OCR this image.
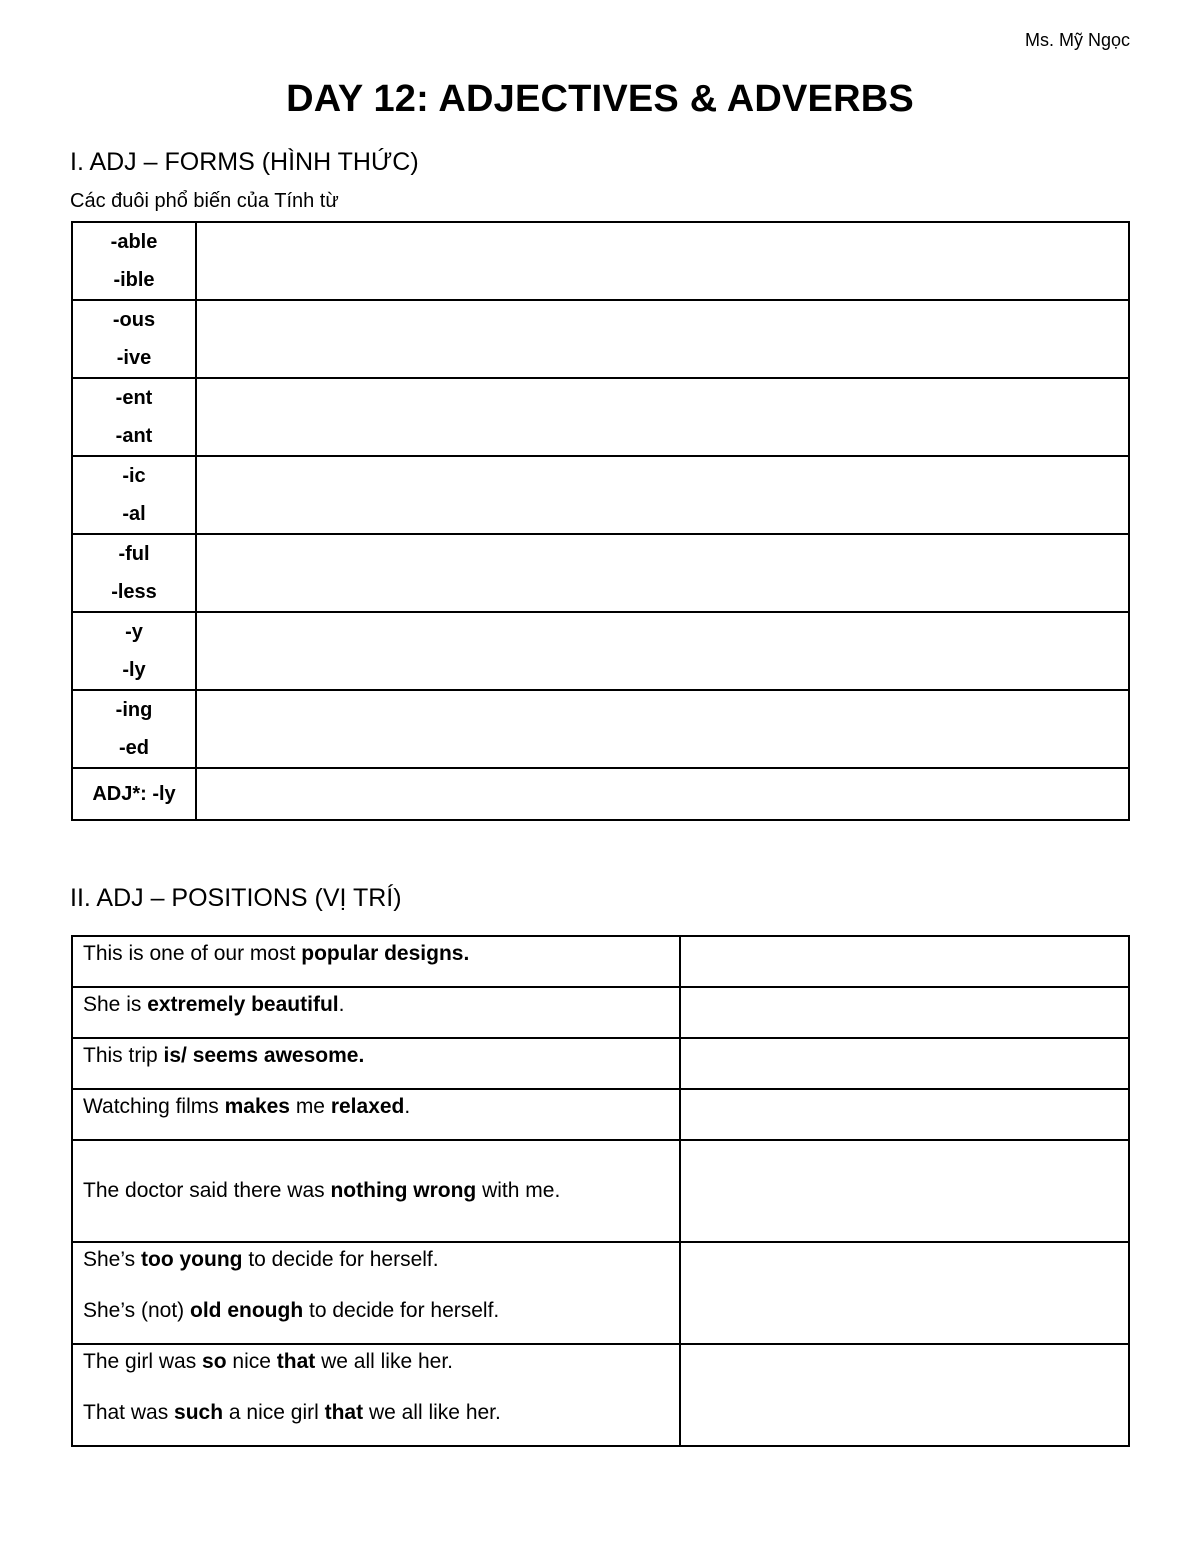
Ms. Mỹ Ngọc
DAY 12: ADJECTIVES & ADVERBS
I. ADJ – FORMS (HÌNH THỨC)
Các đuôi phổ biến của Tính từ
-able
-ible	

-ous
-ive	

-ent
-ant	

-ic
-al	

-ful
-less	

-y
-ly	

-ing
-ed	

ADJ*: -ly	

II. ADJ – POSITIONS (VỊ TRÍ)

This is one of our most popular designs.	

She is extremely beautiful.	

This trip is/ seems awesome.	

Watching films makes me relaxed.	

The doctor said there was nothing wrong with me.	

She’s too young to decide for herself.

She’s (not) old enough to decide for herself.	

The girl was so nice that we all like her.

That was such a nice girl that we all like her.	
